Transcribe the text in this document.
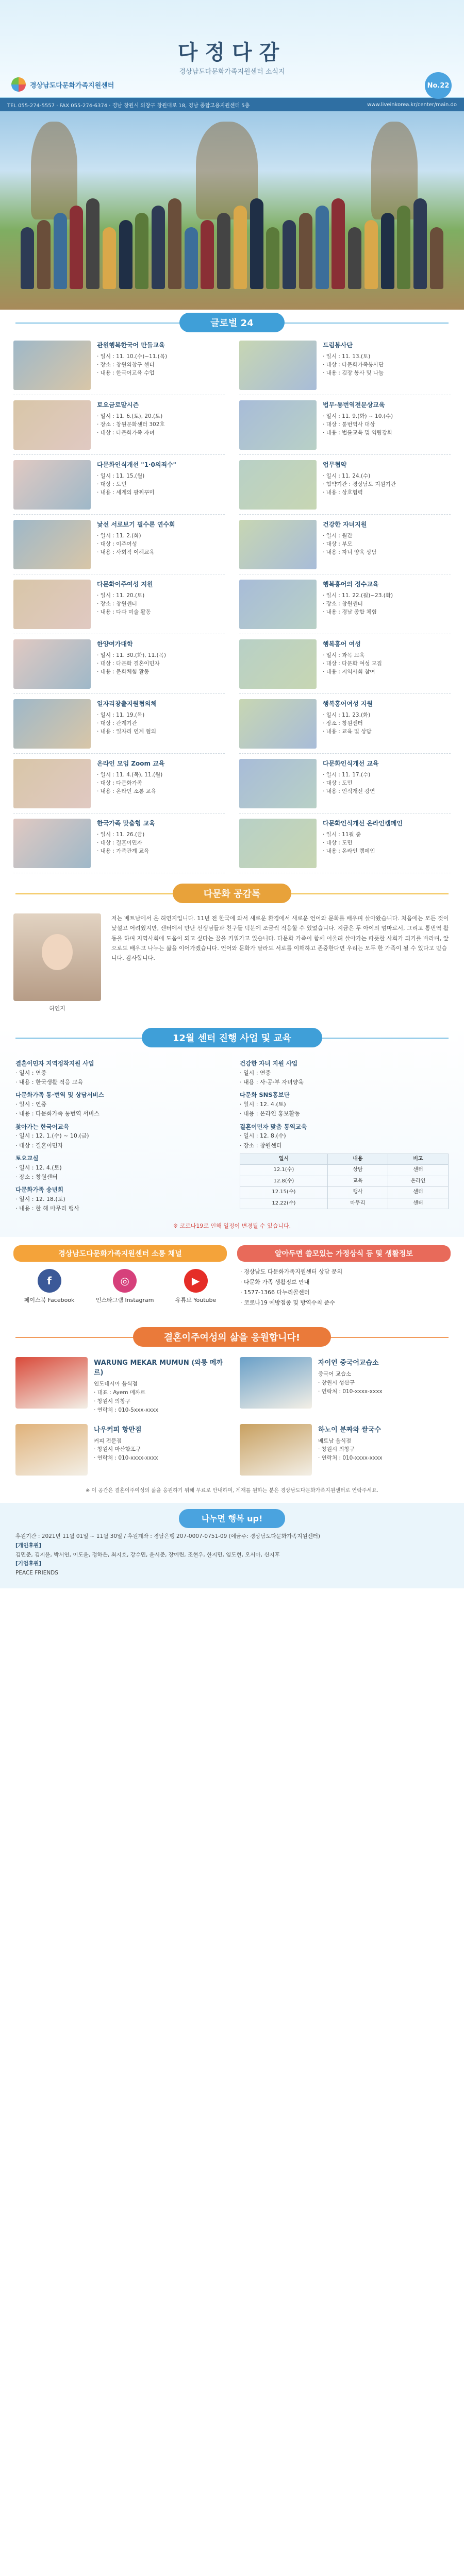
다정다감
경상남도다문화가족지원센터 소식지
경상남도다문화가족지원센터	No.22
TEL 055-274-5557 · FAX 055-274-6374 · 경남 창원시 의창구 창원대로 18, 경남 종합고용지원센터 5층	www.liveinkorea.kr/center/main.do
글로벌 24
관원행복한국어 만들교육
· 일시 : 11. 10.(수)~11.(목)
· 장소 : 창원의창구 센터
· 내용 : 한국어교육 수업
드림봉사단
· 일시 : 11. 13.(토)
· 대상 : 다문화가족봉사단
· 내용 : 김장 봉사 및 나눔
토요금로말시즌
· 일시 : 11. 6.(토), 20.(토)
· 장소 : 창원문화센터 302호
· 대상 : 다문화가족 자녀
법무·통번역전문상교육
· 일시 : 11. 9.(화) ~ 10.(수)
· 대상 : 통번역사 대상
· 내용 : 법률교육 및 역량강화
다문화인식개선 "1·0의죄수"
· 일시 : 11. 15.(월)
· 대상 : 도민
· 내용 : 세계의 팔찌꾸미
업무협약
· 일시 : 11. 24.(수)
· 협약기관 : 경상남도 지원기관
· 내용 : 상호협력
낯선 서로보기 필수론 연수회
· 일시 : 11. 2.(화)
· 대상 : 이주여성
· 내용 : 사회적 이해교육
건강한 자녀지원
· 일시 : 월간
· 대상 : 부모
· 내용 : 자녀 양육 상담
다문화이주여성 지원
· 일시 : 11. 20.(토)
· 장소 : 창원센터
· 내용 : 다과 미술 활동
행복홍어의 정수교육
· 일시 : 11. 22.(월)~23.(화)
· 장소 : 창원센터
· 내용 : 경남 종합 체험
한양여가대학
· 일시 : 11. 30.(화), 11.(목)
· 대상 : 다문화 결혼이민자
· 내용 : 문화체험 활동
행복홍어 여성
· 일시 : 과목 교육
· 대상 : 다문화 여성 모집
· 내용 : 지역사회 참여
일자리창출지원협의체
· 일시 : 11. 19.(목)
· 대상 : 관계기관
· 내용 : 일자리 연계 협의
행복홍어여성 지원
· 일시 : 11. 23.(화)
· 장소 : 창원센터
· 내용 : 교육 및 상담
온라인 모임 Zoom 교육
· 일시 : 11. 4.(목), 11.(월)
· 대상 : 다문화가족
· 내용 : 온라인 소통 교육
다문화인식개선 교육
· 일시 : 11. 17.(수)
· 대상 : 도민
· 내용 : 인식개선 강연
한국가족 맞춤형 교육
· 일시 : 11. 26.(금)
· 대상 : 결혼이민자
· 내용 : 가족관계 교육
다문화인식개선 온라인캠페인
· 일시 : 11월 중
· 대상 : 도민
· 내용 : 온라인 캠페인
다문화 공감톡
허연지
저는 베트남에서 온 허연지입니다. 11년 전 한국에 와서 새로운 환경에서 새로운 언어와 문화를 배우며 살아왔습니다. 처음에는 모든 것이 낯설고 어려웠지만, 센터에서 만난 선생님들과 친구들 덕분에 조금씩 적응할 수 있었습니다. 지금은 두 아이의 엄마로서, 그리고 통번역 활동을 하며 지역사회에 도움이 되고 싶다는 꿈을 키워가고 있습니다. 다문화 가족이 함께 어울려 살아가는 따뜻한 사회가 되기를 바라며, 앞으로도 배우고 나누는 삶을 이어가겠습니다. 언어와 문화가 달라도 서로를 이해하고 존중한다면 우리는 모두 한 가족이 될 수 있다고 믿습니다. 감사합니다.
12월 센터 진행 사업 및 교육
결혼이민자 지역정착지원 사업
· 일시 : 연중
· 내용 : 한국생활 적응 교육
다문화가족 통·번역 및 상담서비스
· 일시 : 연중
· 내용 : 다문화가족 통번역 서비스
찾아가는 한국어교육
· 일시 : 12. 1.(수) ~ 10.(금)
· 대상 : 결혼이민자
토요교실
· 일시 : 12. 4.(토)
· 장소 : 창원센터
다문화가족 송년회
· 일시 : 12. 18.(토)
· 내용 : 한 해 마무리 행사
건강한 자녀 지원 사업
· 일시 : 연중
· 내용 : 사·공·부 자녀양육
다문화 SNS홍보단
· 일시 : 12. 4.(토)
· 내용 : 온라인 홍보활동
결혼이민자 맞춤 통역교육
· 일시 : 12. 8.(수)
· 장소 : 창원센터
일시	내용	비고
12.1(수)	상담	센터
12.8(수)	교육	온라인
12.15(수)	행사	센터
12.22(수)	마무리	센터
※ 코로나19로 인해 일정이 변경될 수 있습니다.
경상남도다문화가족지원센터 소통 채널
f
페이스북 Facebook
◎
인스타그램 Instagram
▶
유튜브 Youtube
알아두면 쓸모있는 가정상식 등 및 생활정보
· 경상남도 다문화가족지원센터 상담 문의
· 다문화 가족 생활정보 안내
· 1577-1366 다누리콜센터
· 코로나19 예방접종 및 방역수칙 준수
결혼이주여성의 삶을 응원합니다!
WARUNG MEKAR MUMUN (와룽 메까르)
인도네시아 음식점
· 대표 : Ayem 메까르
· 창원시 의창구
· 연락처 : 010-5xxx-xxxx
자이언 중국어교습소
중국어 교습소
· 창원시 성산구
· 연락처 : 010-xxxx-xxxx
나우커피 항만점
커피 전문점
· 창원시 마산합포구
· 연락처 : 010-xxxx-xxxx
하노이 분짜와 쌀국수
베트남 음식점
· 창원시 의창구
· 연락처 : 010-xxxx-xxxx
※ 이 공간은 결혼이주여성의 삶을 응원하기 위해 무료로 안내하며, 게재를 원하는 분은 경상남도다문화가족지원센터로 연락주세요.
나누면 행복 up!
후원기간 : 2021년 11월 01일 ~ 11월 30일 / 후원계좌 : 경남은행 207-0007-0751-09 (예금주: 경상남도다문화가족지원센터)
[개인후원]
김민준, 김지윤, 박서연, 이도윤, 정하은, 최지호, 강수민, 윤서준, 장예린, 조현우, 한지민, 임도현, 오서아, 신지후
[기업후원]
PEACE FRIENDS
